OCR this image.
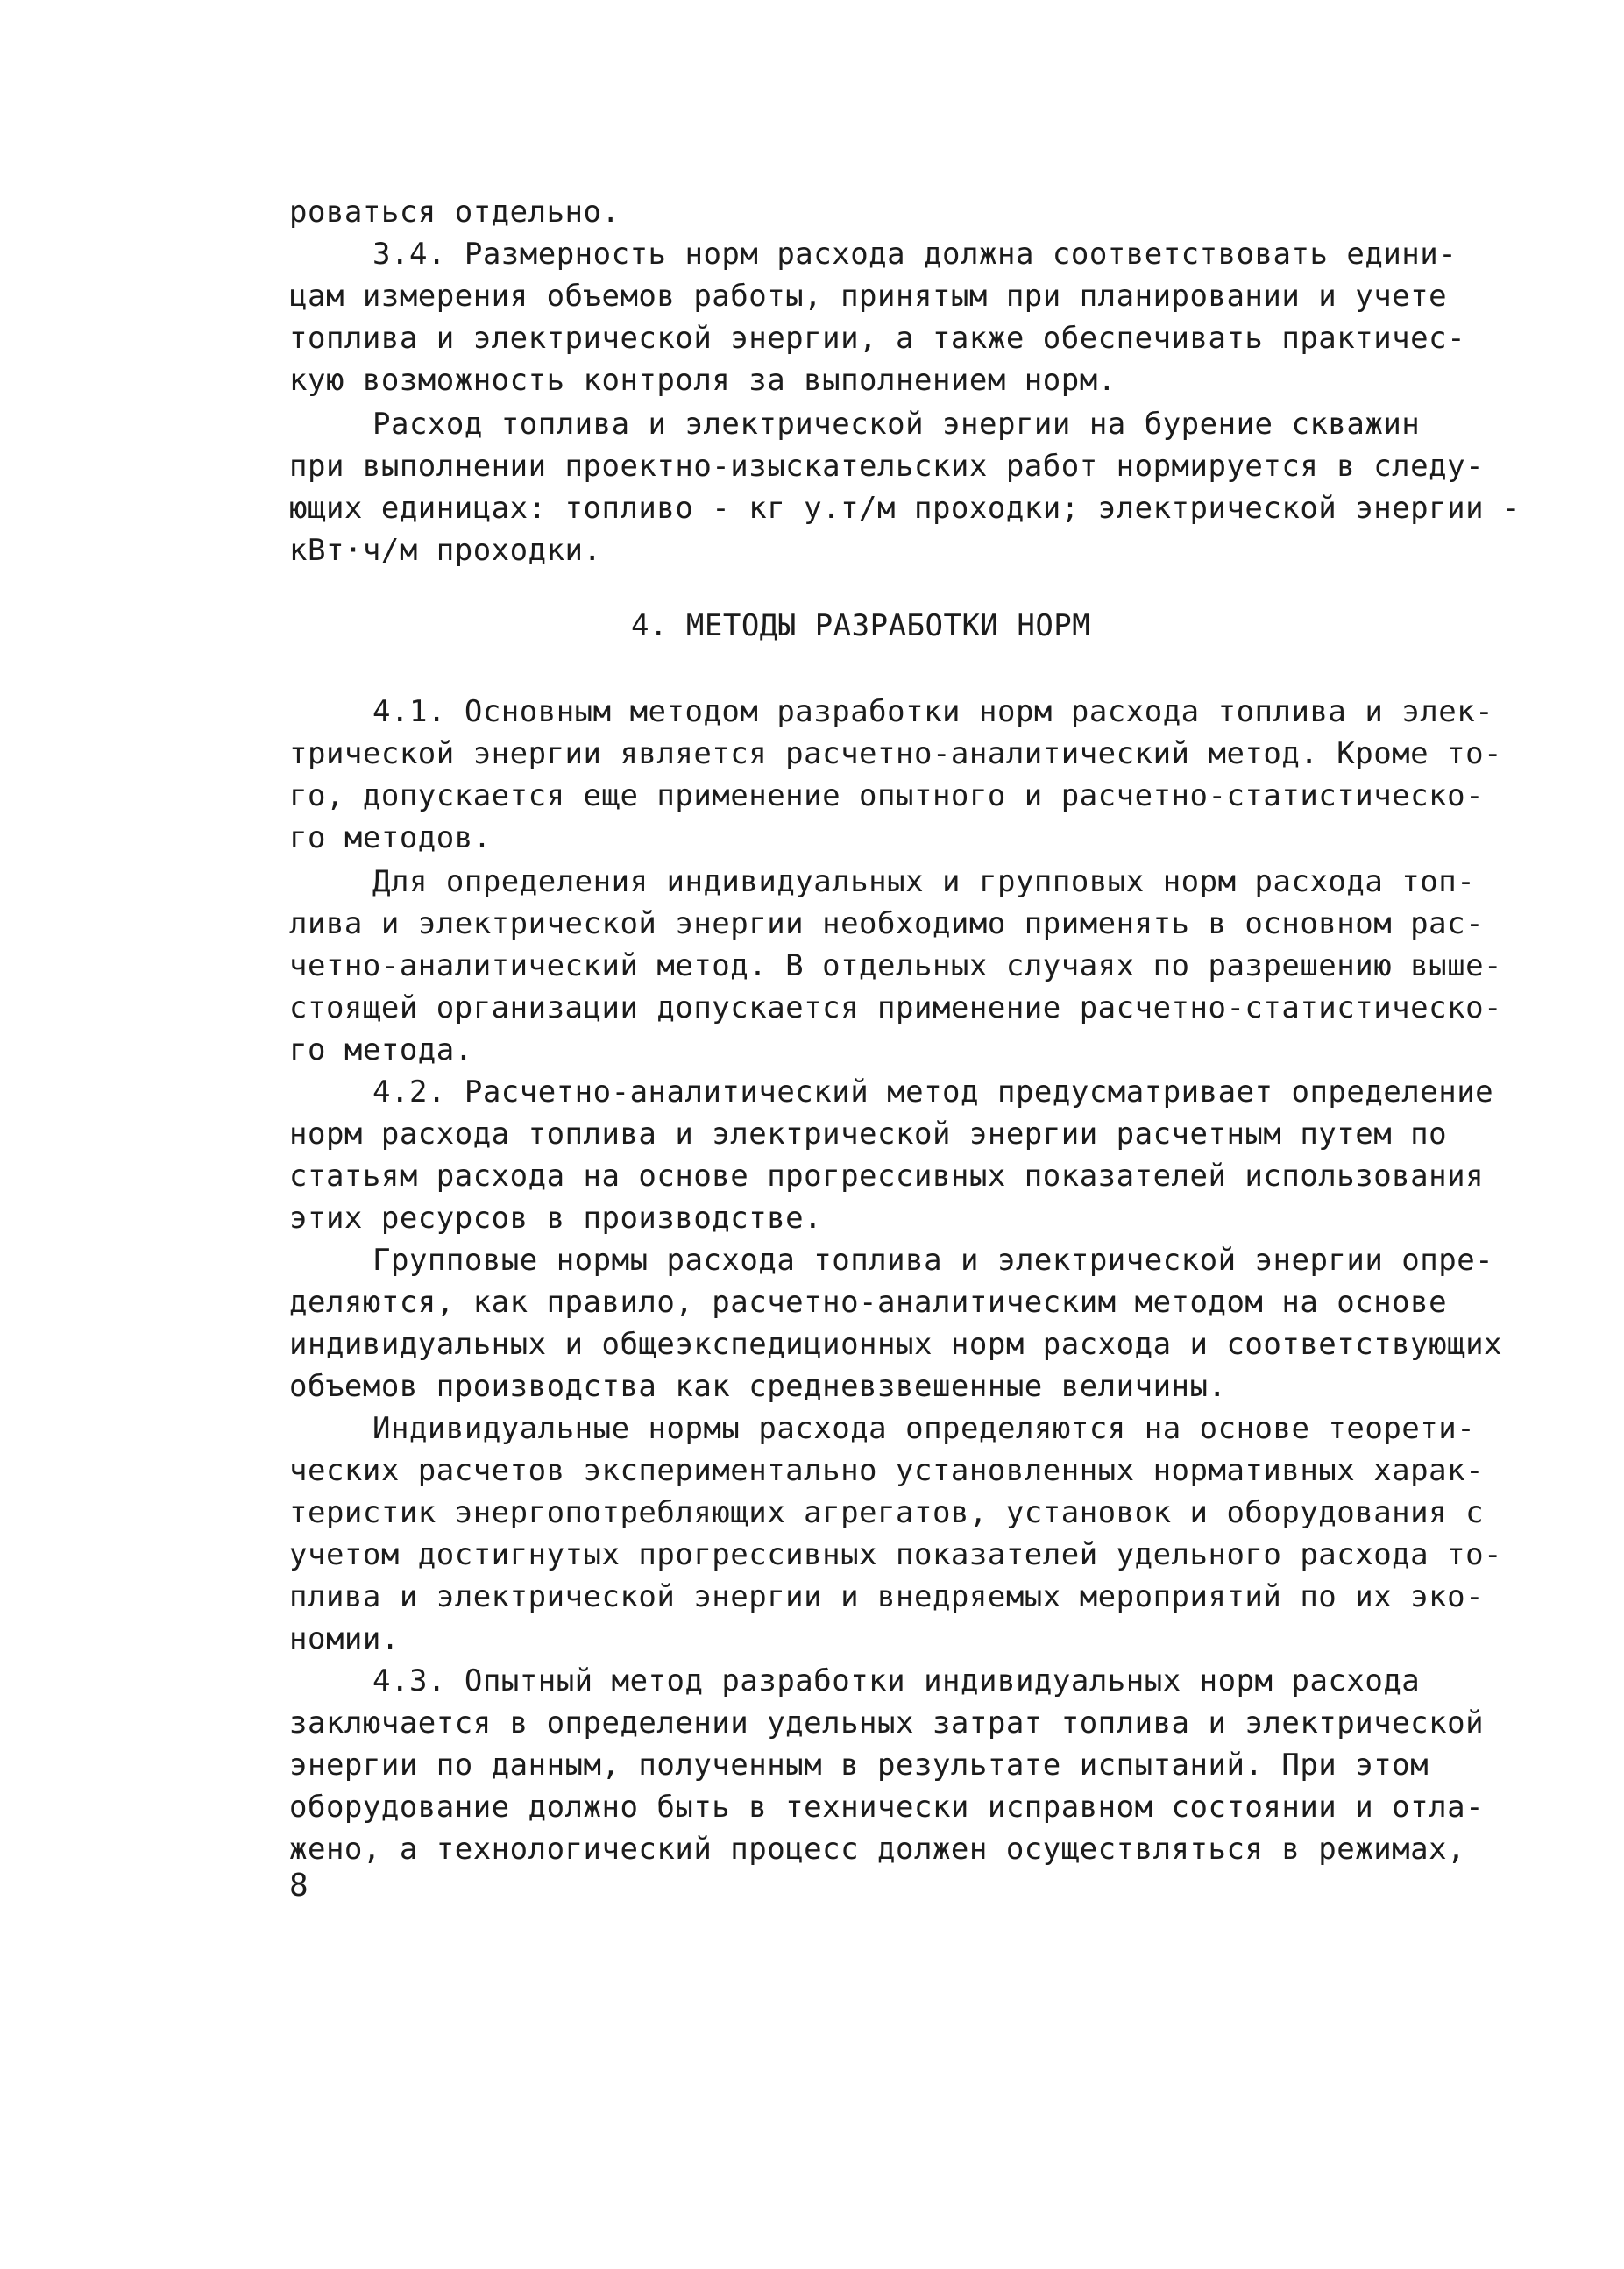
роваться отдельно.
3.4. Размерность норм расхода должна соответствовать едини-
цам измерения объемов работы, принятым при планировании и учете
топлива и электрической энергии, а также обеспечивать практичес-
кую возможность контроля за выполнением норм.
Расход топлива и электрической энергии на бурение скважин
при выполнении проектно-изыскательских работ нормируется в следу-
ющих единицах: топливо - кг у.т/м проходки; электрической энергии -
кВт·ч/м проходки.
4. МЕТОДЫ РАЗРАБОТКИ НОРМ
4.1. Основным методом разработки норм расхода топлива и элек-
трической энергии является расчетно-аналитический метод. Кроме то-
го, допускается еще применение опытного и расчетно-статистическо-
го методов.
Для определения индивидуальных и групповых норм расхода топ-
лива и электрической энергии необходимо применять в основном рас-
четно-аналитический метод. В отдельных случаях по разрешению выше-
стоящей организации допускается применение расчетно-статистическо-
го метода.
4.2. Расчетно-аналитический метод предусматривает определение
норм расхода топлива и электрической энергии расчетным путем по
статьям расхода на основе прогрессивных показателей использования
этих ресурсов в производстве.
Групповые нормы расхода топлива и электрической энергии опре-
деляются, как правило, расчетно-аналитическим методом на основе
индивидуальных и общеэкспедиционных норм расхода и соответствующих
объемов производства как средневзвешенные величины.
Индивидуальные нормы расхода определяются на основе теорети-
ческих расчетов экспериментально установленных нормативных харак-
теристик энергопотребляющих агрегатов, установок и оборудования с
учетом достигнутых прогрессивных показателей удельного расхода то-
плива и электрической энергии и внедряемых мероприятий по их эко-
номии.
4.3. Опытный метод разработки индивидуальных норм расхода
заключается в определении удельных затрат топлива и электрической
энергии по данным, полученным в результате испытаний. При этом
оборудование должно быть в технически исправном состоянии и отла-
жено, а технологический процесс должен осуществляться в режимах,
8
